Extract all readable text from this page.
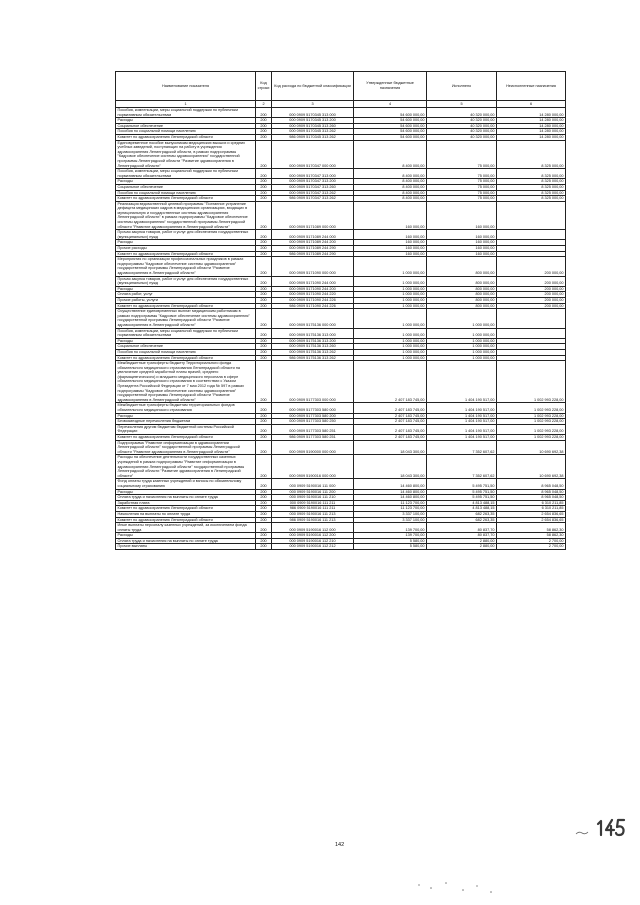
Наименование показателя	Код строки	Код расхода по бюджетной классификации	Утвержденные бюджетные назначения	Исполнено	Неисполненные назначения
1	2	3	4	5	6
Пособия, компенсации, меры социальной поддержки по публичным нормативным обязательствам	200	000 0909 5170345 313 000	54 600 000,00	40 320 000,00	14 280 000,00
Расходы	200	000 0909 5170345 313 200	54 600 000,00	40 320 000,00	14 280 000,00
Социальное обеспечение	200	000 0909 5170345 313 260	54 600 000,00	40 320 000,00	14 280 000,00
Пособия по социальной помощи населению	200	000 0909 5170345 313 262	54 600 000,00	40 320 000,00	14 280 000,00
Комитет по здравоохранению Ленинградской области	200	986 0909 5170345 313 262	54 600 000,00	40 320 000,00	14 280 000,00
Единовременное пособие выпускникам медицинских высших и средних учебных заведений, поступающих на работу в учреждения здравоохранения Ленинградской области, в рамках подпрограммы "Кадровое обеспечение системы здравоохранения" государственной программы Ленинградской области "Развитие здравоохранения в Ленинградской области"	200	000 0909 5170347 000 000	8 400 000,00	75 000,00	8 325 000,00
Пособия, компенсации, меры социальной поддержки по публичным нормативным обязательствам	200	000 0909 5170347 313 000	8 400 000,00	75 000,00	8 325 000,00
Расходы	200	000 0909 5170347 313 200	8 400 000,00	75 000,00	8 325 000,00
Социальное обеспечение	200	000 0909 5170347 313 260	8 400 000,00	75 000,00	8 325 000,00
Пособия по социальной помощи населению	200	000 0909 5170347 313 262	8 400 000,00	75 000,00	8 325 000,00
Комитет по здравоохранению Ленинградской области	200	986 0909 5170347 313 262	8 400 000,00	75 000,00	8 325 000,00
Реализация ведомственной целевой программы "Поэтапное устранение дефицита медицинских кадров в медицинских организациях, входящих в муниципальную и государственные системы здравоохранения Ленинградской области" в рамках подпрограммы "Кадровое обеспечение системы здравоохранения" государственной программы Ленинградской области "Развитие здравоохранения в Ленинградской области"	200	000 0909 5171089 000 000	160 000,00	160 000,00	
Прочая закупка товаров, работ и услуг для обеспечения государственных (муниципальных) нужд	200	000 0909 5171089 244 000	160 000,00	160 000,00	
Расходы	200	000 0909 5171089 244 200	160 000,00	160 000,00	
Прочие расходы	200	000 0909 5171089 244 290	160 000,00	160 000,00	
Комитет по здравоохранению Ленинградской области	200	986 0909 5171089 244 290	160 000,00	160 000,00	
Мероприятия по организации профессиональных праздников в рамках подпрограммы "Кадровое обеспечение системы здравоохранения" государственной программы Ленинградской области "Развитие здравоохранения в Ленинградской области"	200	000 0909 5171090 000 000	1 000 000,00	800 000,00	200 000,00
Прочая закупка товаров, работ и услуг для обеспечения государственных (муниципальных) нужд	200	000 0909 5171090 244 000	1 000 000,00	800 000,00	200 000,00
Расходы	200	000 0909 5171090 244 200	1 000 000,00	800 000,00	200 000,00
Оплата работ, услуг	200	000 0909 5171090 244 220	1 000 000,00	800 000,00	200 000,00
Прочие работы, услуги	200	000 0909 5171090 244 226	1 000 000,00	800 000,00	200 000,00
Комитет по здравоохранению Ленинградской области	200	986 0909 5171090 244 226	1 000 000,00	800 000,00	200 000,00
Осуществление единовременных выплат медицинским работникам в рамках подпрограммы "Кадровое обеспечение системы здравоохранения" государственной программы Ленинградской области "Развитие здравоохранения в Ленинградской области"	200	000 0909 5175136 000 000	1 000 000,00	1 000 000,00	
Пособия, компенсации, меры социальной поддержки по публичным нормативным обязательствам	200	000 0909 5175136 313 000	1 000 000,00	1 000 000,00	
Расходы	200	000 0909 5175136 313 200	1 000 000,00	1 000 000,00	
Социальное обеспечение	200	000 0909 5175136 313 260	1 000 000,00	1 000 000,00	
Пособия по социальной помощи населению	200	000 0909 5175136 313 262	1 000 000,00	1 000 000,00	
Комитет по здравоохранению Ленинградской области	200	986 0909 5175136 313 262	1 000 000,00	1 000 000,00	
Межбюджетные трансферты бюджету Территориального фонда обязательного медицинского страхования Ленинградской области на увеличение средней заработной платы врачей, среднего (фармацевтического) и младшего медицинского персонала в сфере обязательного медицинского страхования в соответствии с Указом Президента Российской Федерации от 7 мая 2012 года № 597 в рамках подпрограммы "Кадровое обеспечение системы здравоохранения" государственной программы Ленинградской области "Развитие здравоохранения в Ленинградской области"	200	000 0909 5177303 000 000	2 407 183 745,00	1 404 190 517,00	1 002 993 228,00
Межбюджетные трансферты бюджетам территориальных фондов обязательного медицинского страхования	200	000 0909 5177303 580 000	2 407 183 745,00	1 404 190 517,00	1 002 993 228,00
Расходы	200	000 0909 5177303 580 200	2 407 183 745,00	1 404 190 517,00	1 002 993 228,00
Безвозмездные перечисления бюджетам	200	000 0909 5177303 580 250	2 407 183 745,00	1 404 190 517,00	1 002 993 228,00
Перечисления другим бюджетам бюджетной системы Российской Федерации	200	000 0909 5177303 580 251	2 407 183 745,00	1 404 190 517,00	1 002 993 228,00
Комитет по здравоохранению Ленинградской области	200	986 0909 5177303 580 251	2 407 183 745,00	1 404 190 517,00	1 002 993 228,00
Подпрограмма "Развитие информатизации в здравоохранении Ленинградской области" государственной программы Ленинградской области "Развитие здравоохранения в Ленинградской области"	200	000 0909 5190000 000 000	18 043 300,00	7 352 607,62	10 690 692,38
Расходы на обеспечение деятельности государственных казенных учреждений в рамках подпрограммы "Развитие информатизации в здравоохранении Ленинградской области" государственной программы Ленинградской области "Развитие здравоохранения в Ленинградской области"	200	000 0909 5190016 000 000	18 043 300,00	7 352 607,62	10 690 692,38
Фонд оплаты труда казенных учреждений и взносы по обязательному социальному страхованию	200	000 0909 5190016 111 000	14 460 800,00	5 495 751,50	8 965 048,50
Расходы	200	000 0909 5190016 111 200	14 460 800,00	5 495 751,50	8 965 048,50
Оплата труда и начисления на выплаты по оплате труда	200	000 0909 5190016 111 210	14 460 800,00	5 495 751,50	8 965 048,50
Заработная плата	200	000 0909 5190016 111 211	11 123 700,00	4 813 488,15	6 310 211,85
Комитет по здравоохранению Ленинградской области	200	986 0909 5190016 111 211	11 123 700,00	4 813 488,15	6 310 211,85
Начисления на выплаты по оплате труда	200	000 0909 5190016 111 213	3 337 100,00	682 263,35	2 654 836,65
Комитет по здравоохранению Ленинградской области	200	986 0909 5190016 111 213	3 337 100,00	682 263,35	2 654 836,65
Иные выплаты персоналу казенных учреждений, за исключением фонда оплаты труда	200	000 0909 5190016 112 000	139 700,00	80 837,70	58 862,30
Расходы	200	000 0909 5190016 112 200	139 700,00	80 837,70	58 862,30
Оплата труда и начисления на выплаты по оплате труда	200	000 0909 5190016 112 210	5 580,00	2 880,00	2 700,00
Прочие выплаты	200	000 0909 5190016 112 212	5 580,00	2 880,00	2 700,00
142
